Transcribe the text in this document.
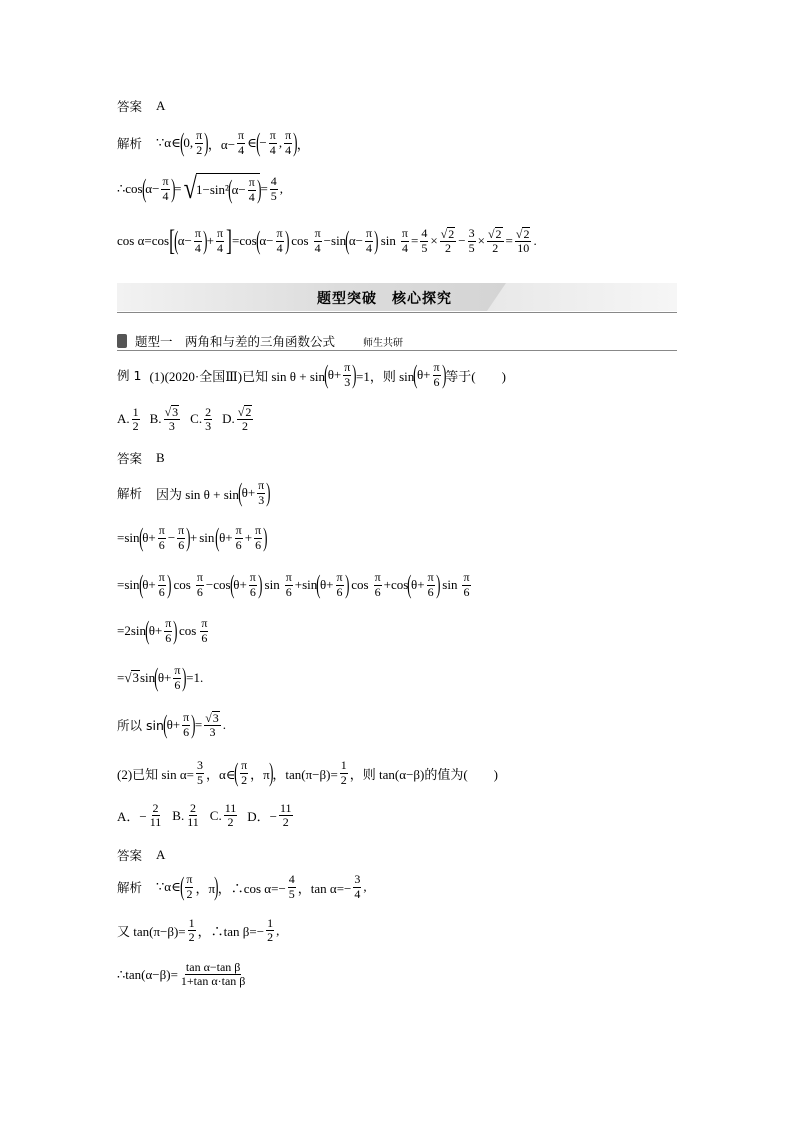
答案 A
解析 ∵α∈ ( 0, $\frac{\pi}{2}$ ) ，$\alpha- \frac{\pi}{4}$ ∈ ( − $\frac{\pi}{4}$ , $\frac{\pi}{4}$ ) ，
∴cos ( $\alpha- \frac{\pi}{4}$ ) = √ 1−sin² ( $\alpha- \frac{\pi}{4}$ ) = $\frac{4}{5}$ ,
cos α=cos [ ( $\alpha- \frac{\pi}{4}$ ) + $\frac{\pi}{4}$ ] =cos ( $\alpha- \frac{\pi}{4}$ ) $\cos \frac{\pi}{4} -\sin$ ( $\alpha- \frac{\pi}{4}$ ) $\sin \frac{\pi}{4} = \frac{4}{5} \times \frac{√2}{2} - \frac{3}{5} \times \frac{√2}{2} = \frac{√2}{10}$ .
题型突破　核心探究
题型一　两角和与差的三角函数公式	师生共研
例 1 (1)(2020·全国Ⅲ)已知 sin θ + sin ( $\theta+ \frac{\pi}{3}$ ) =1，则 sin ( $\theta+ \frac{\pi}{6}$ ) 等于(　　)
A. $\frac{1}{2} B$. $\frac{√3}{3} C$. $\frac{2}{3} D$. $\frac{√2}{2}$
答案 B
解析 因为 sin θ + sin ( $\theta+ \frac{\pi}{3}$ )
=sin ( $\theta+ \frac{\pi}{6} - \frac{\pi}{6}$ ) + sin ( $\theta+ \frac{\pi}{6} + \frac{\pi}{6}$ )
=sin ( $\theta+ \frac{\pi}{6}$ ) $\cos \frac{\pi}{6} -\cos$ ( $\theta+ \frac{\pi}{6}$ ) $\sin \frac{\pi}{6} +\sin$ ( $\theta+ \frac{\pi}{6}$ ) $\cos \frac{\pi}{6} +\cos$ ( $\theta+ \frac{\pi}{6}$ ) $\sin \frac{\pi}{6}$
=2sin ( $\theta+ \frac{\pi}{6}$ ) $\cos \frac{\pi}{6}$
= √3 sin ( $\theta+ \frac{\pi}{6}$ ) =1.
所以 sin ( $\theta+ \frac{\pi}{6}$ ) = $\frac{√3}{3}$ .
(2)已知 $\sin \alpha= \frac{3}{5}$ ，α∈ ( $\frac{\pi}{2}$ ，π ) ，$\tan(\pi-\beta)= \frac{1}{2}$ ，则 tan(α−β)的值为(　　)
A．− $\frac{2}{11} B$. $\frac{2}{11} C$. $\frac{11}{2}$ D．− $\frac{11}{2}$
答案 A
解析 ∵α∈ ( $\frac{\pi}{2}$ ，π ) ，∴cos $\alpha=- \frac{4}{5}$ ，$\tan \alpha=- \frac{3}{4}$ ,
又 $\tan(\pi-\beta)= \frac{1}{2}$ ，∴tan $\beta=- \frac{1}{2}$ ,
∴tan(α−β)= $\frac{\text{tan α−tan β}}{\text{1+tan α·tan β}}$
